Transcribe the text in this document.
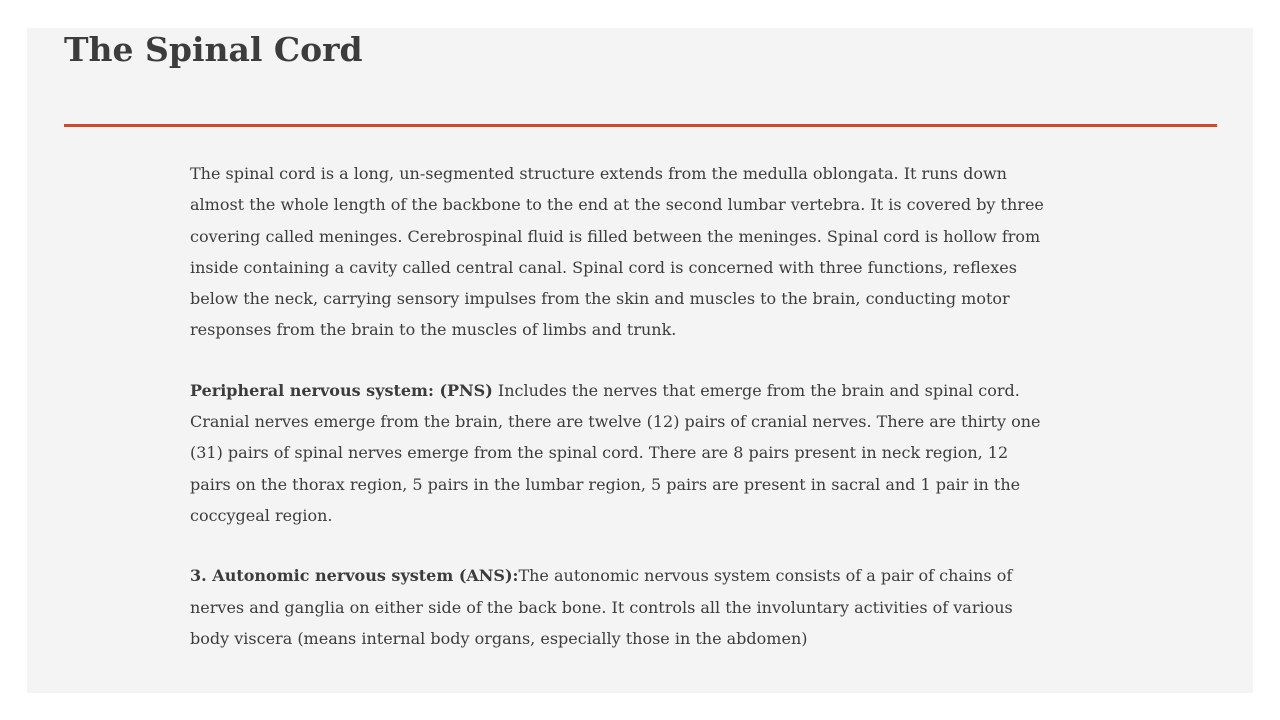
The Spinal Cord

The spinal cord is a long, un-segmented structure extends from the medulla oblongata. It runs down almost the whole length of the backbone to the end at the second lumbar vertebra. It is covered by three covering called meninges. Cerebrospinal fluid is filled between the meninges. Spinal cord is hollow from inside containing a cavity called central canal. Spinal cord is concerned with three functions, reflexes below the neck, carrying sensory impulses from the skin and muscles to the brain, conducting motor responses from the brain to the muscles of limbs and trunk.

Peripheral nervous system: (PNS) Includes the nerves that emerge from the brain and spinal cord. Cranial nerves emerge from the brain, there are twelve (12) pairs of cranial nerves. There are thirty one (31) pairs of spinal nerves emerge from the spinal cord. There are 8 pairs present in neck region, 12 pairs on the thorax region, 5 pairs in the lumbar region, 5 pairs are present in sacral and 1 pair in the coccygeal region.

3. Autonomic nervous system (ANS):The autonomic nervous system consists of a pair of chains of nerves and ganglia on either side of the back bone. It controls all the involuntary activities of various body viscera (means internal body organs, especially those in the abdomen)
